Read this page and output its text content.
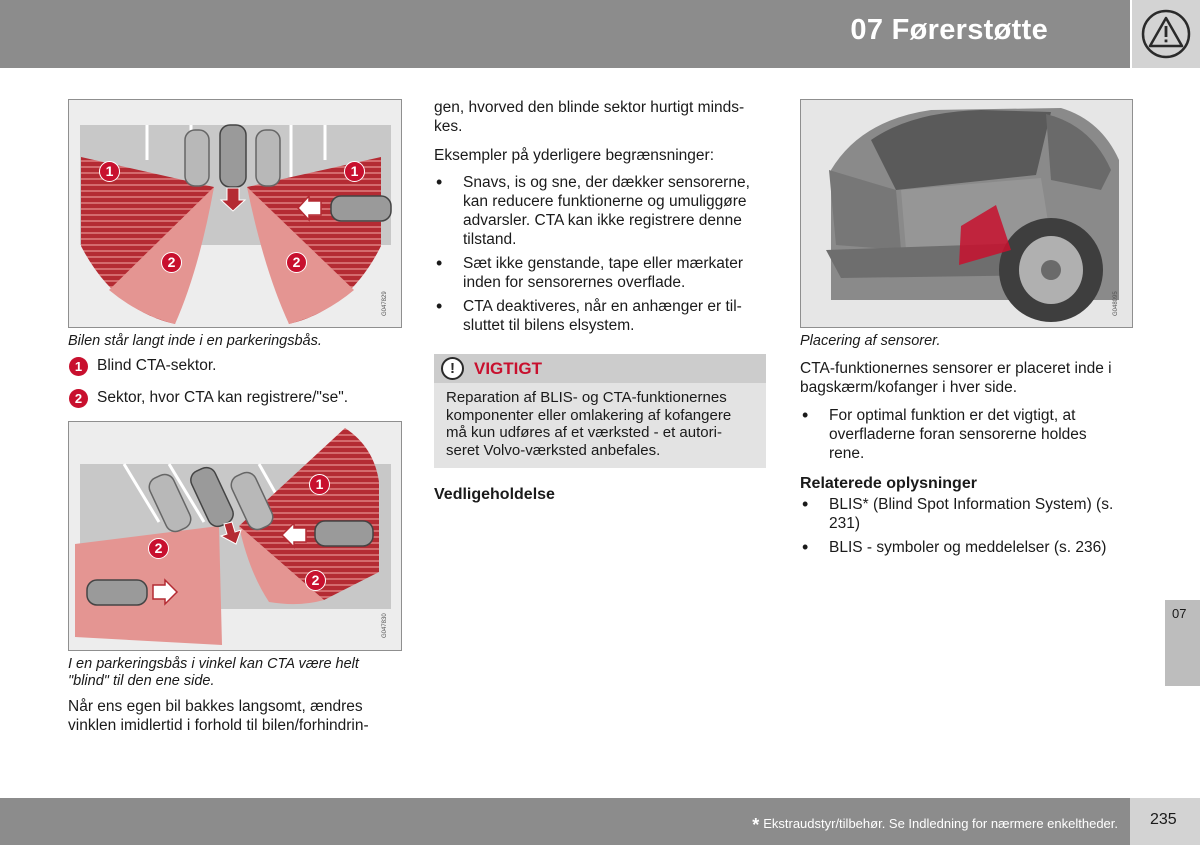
07 Førerstøtte
1	1
2	2
G047829
Bilen står langt inde i en parkeringsbås.
1 Blind CTA-sektor.
2 Sektor, hvor CTA kan registrere/"se".
1
2
2
G047830
I en parkeringsbås i vinkel kan CTA være helt
"blind" til den ene side.
Når ens egen bil bakkes langsomt, ændres
vinklen imidlertid i forhold til bilen/forhindrin-
gen, hvorved den blinde sektor hurtigt minds-
kes.
Eksempler på yderligere begrænsninger:
• Snavs, is og sne, der dækker sensorerne,
kan reducere funktionerne og umuliggøre
advarsler. CTA kan ikke registrere denne
tilstand.
• Sæt ikke genstande, tape eller mærkater
inden for sensorernes overflade.
• CTA deaktiveres, når en anhænger er til-
sluttet til bilens elsystem.
!	VIGTIGT
Reparation af BLIS- og CTA-funktionernes
komponenter eller omlakering af kofangere
må kun udføres af et værksted - et autori-
seret Volvo-værksted anbefales.
Vedligeholdelse
G048095
Placering af sensorer.
CTA-funktionernes sensorer er placeret inde i
bagskærm/kofanger i hver side.
• For optimal funktion er det vigtigt, at
overfladerne foran sensorerne holdes
rene.
Relaterede oplysninger
• BLIS* (Blind Spot Information System) (s.
231)
• BLIS - symboler og meddelelser (s. 236)
07
* Ekstraudstyr/tilbehør. Se Indledning for nærmere enkeltheder. 235
